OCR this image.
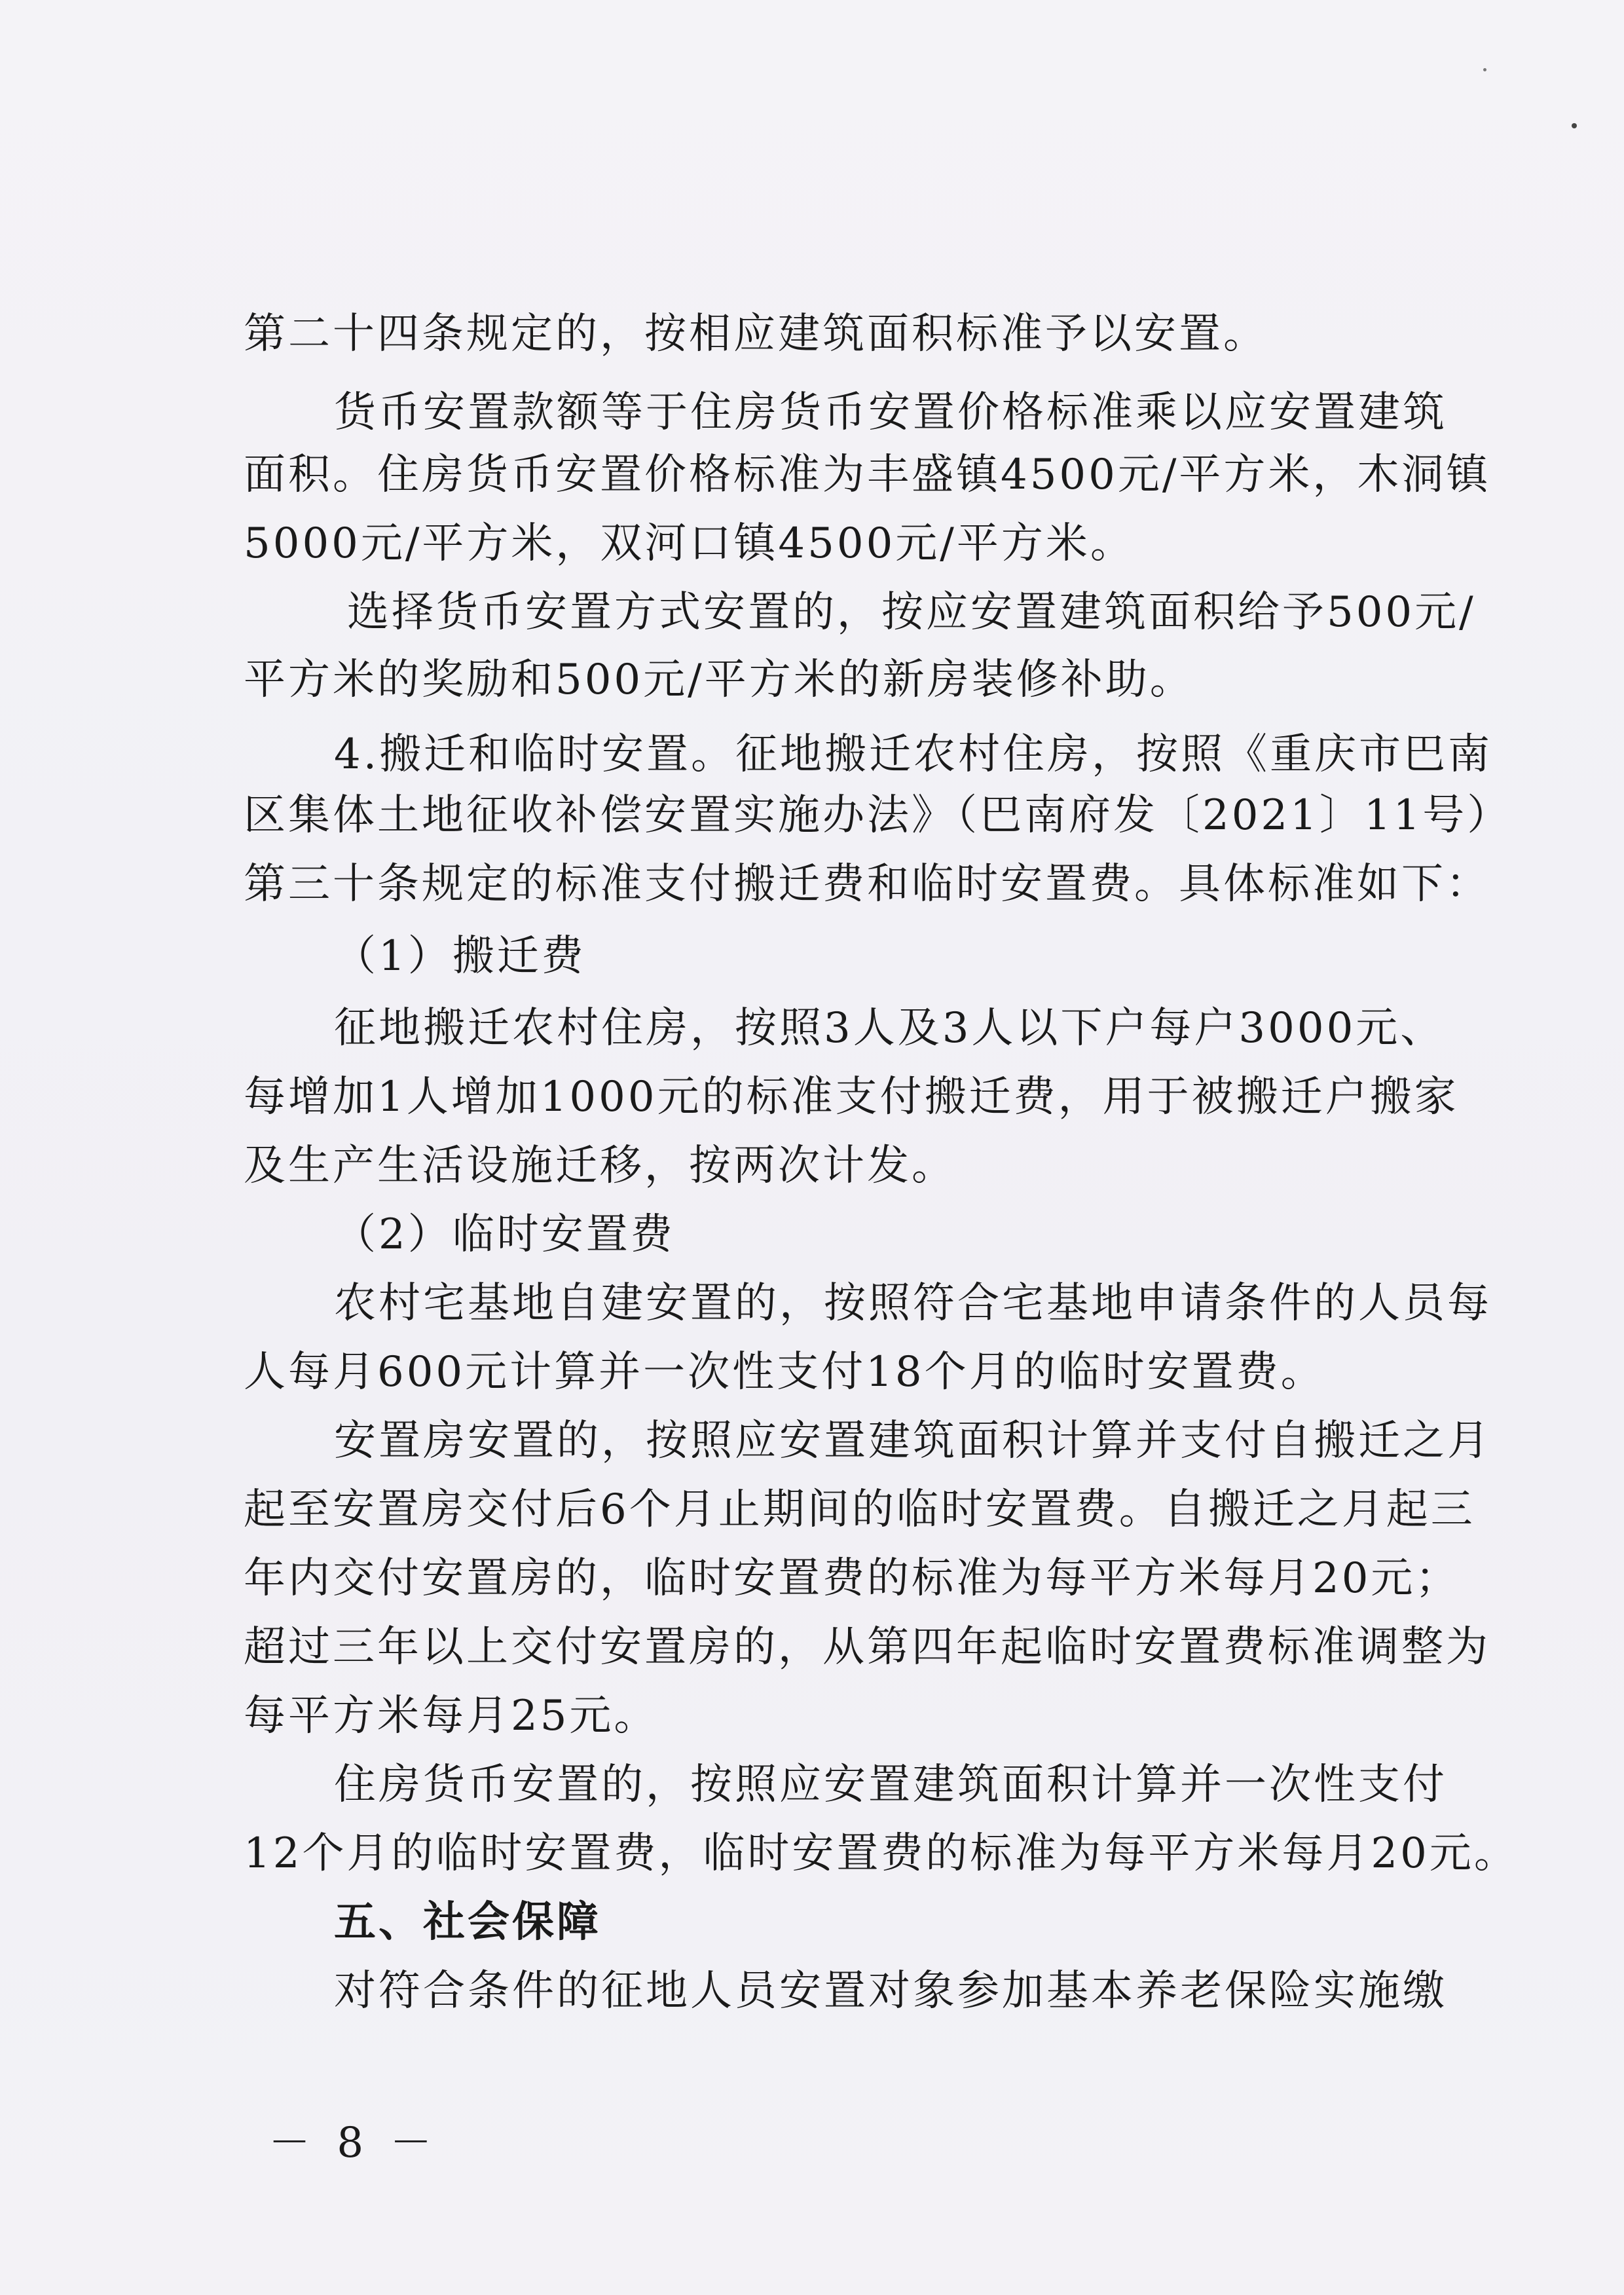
第二十四条规定的，按相应建筑面积标准予以安置。
货币安置款额等于住房货币安置价格标准乘以应安置建筑
面积。住房货币安置价格标准为丰盛镇4500元/平方米，木洞镇
5000元/平方米，双河口镇4500元/平方米。
选择货币安置方式安置的，按应安置建筑面积给予500元/
平方米的奖励和500元/平方米的新房装修补助。
4.搬迁和临时安置。征地搬迁农村住房，按照《重庆市巴南
区集体土地征收补偿安置实施办法》（巴南府发〔2021〕11号）
第三十条规定的标准支付搬迁费和临时安置费。具体标准如下：
（1）搬迁费
征地搬迁农村住房，按照3人及3人以下户每户3000元、
每增加1人增加1000元的标准支付搬迁费，用于被搬迁户搬家
及生产生活设施迁移，按两次计发。
（2）临时安置费
农村宅基地自建安置的，按照符合宅基地申请条件的人员每
人每月600元计算并一次性支付18个月的临时安置费。
安置房安置的，按照应安置建筑面积计算并支付自搬迁之月
起至安置房交付后6个月止期间的临时安置费。自搬迁之月起三
年内交付安置房的，临时安置费的标准为每平方米每月20元；
超过三年以上交付安置房的，从第四年起临时安置费标准调整为
每平方米每月25元。
住房货币安置的，按照应安置建筑面积计算并一次性支付
12个月的临时安置费，临时安置费的标准为每平方米每月20元。
五、社会保障
对符合条件的征地人员安置对象参加基本养老保险实施缴
－ 8 －
